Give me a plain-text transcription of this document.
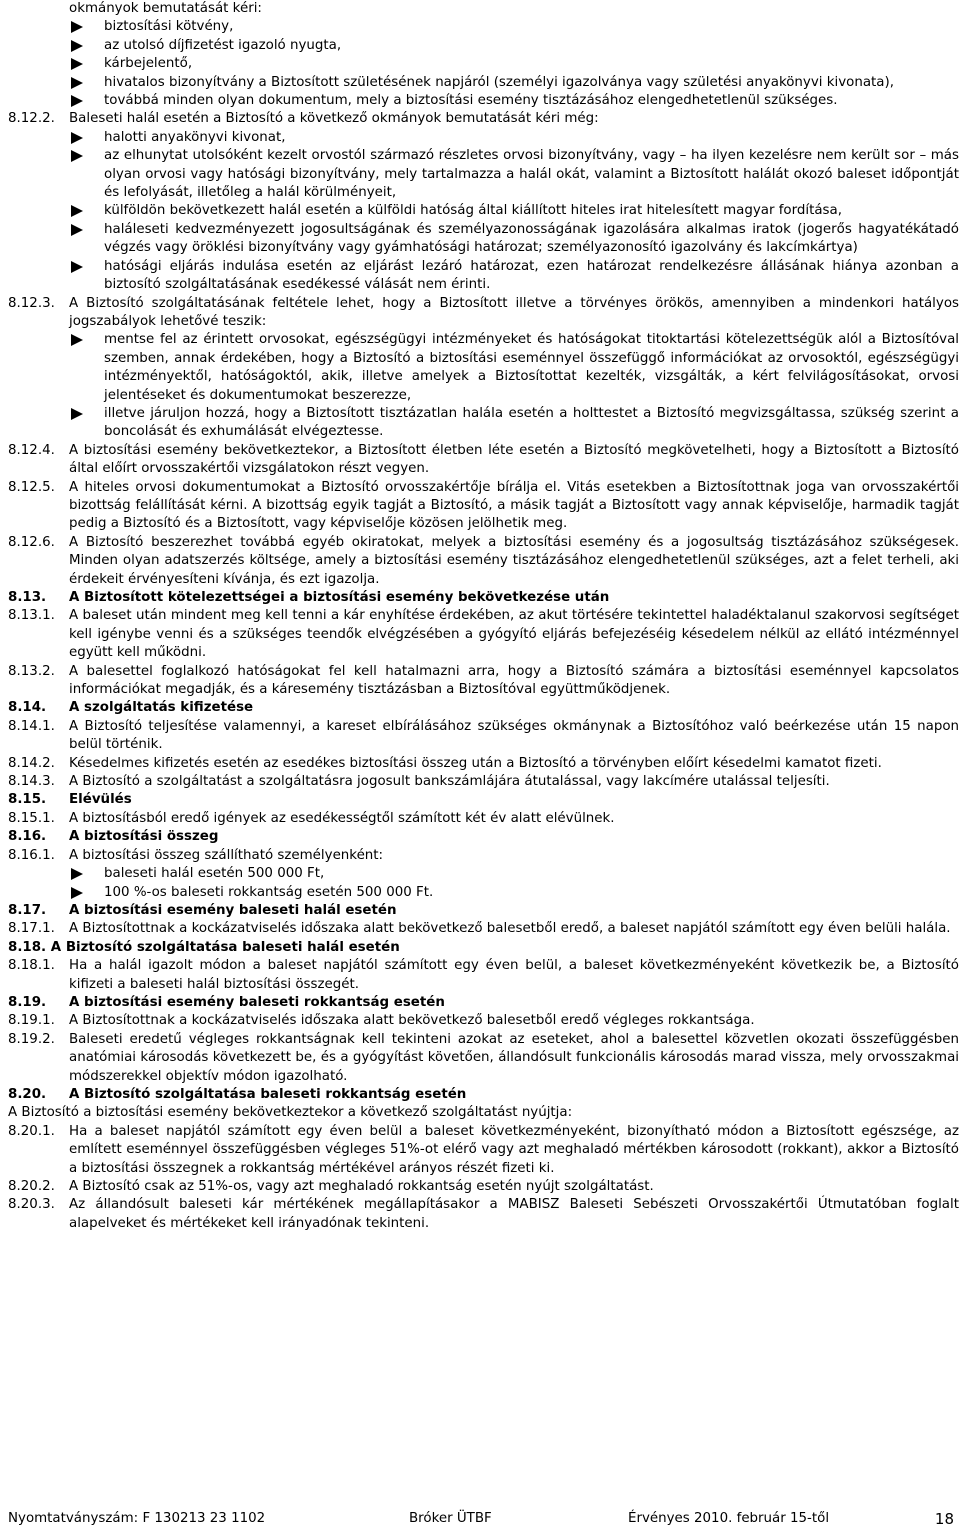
okmányok bemutatását kéri:
biztosítási kötvény,
az utolsó díjfizetést igazoló nyugta,
kárbejelentő,
hivatalos bizonyítvány a Biztosított születésének napjáról (személyi igazolványa vagy születési anyakönyvi kivonata),
továbbá minden olyan dokumentum, mely a biztosítási esemény tisztázásához elengedhetetlenül szükséges.
8.12.2.	Baleseti halál esetén a Biztosító a következő okmányok bemutatását kéri még:
halotti anyakönyvi kivonat,
az elhunytat utolsóként kezelt orvostól származó részletes orvosi bizonyítvány, vagy – ha ilyen kezelésre nem került sor – más olyan orvosi vagy hatósági bizonyítvány, mely tartalmazza a halál okát, valamint a Biztosított halálát okozó baleset időpontját és lefolyását, illetőleg a halál körülményeit,
külföldön bekövetkezett halál esetén a külföldi hatóság által kiállított hiteles irat hitelesített magyar fordítása,
haláleseti kedvezményezett jogosultságának és személyazonosságának igazolására alkalmas iratok (jogerős hagyatékátadó végzés vagy öröklési bizonyítvány vagy gyámhatósági határozat; személyazonosító igazolvány és lakcímkártya)
hatósági eljárás indulása esetén az eljárást lezáró határozat, ezen határozat rendelkezésre állásának hiánya azonban a biztosító szolgáltatásának esedékessé válását nem érinti.
8.12.3.	A Biztosító szolgáltatásának feltétele lehet, hogy a Biztosított illetve a törvényes örökös, amennyiben a mindenkori hatályos jogszabályok lehetővé teszik:
mentse fel az érintett orvosokat, egészségügyi intézményeket és hatóságokat titoktartási kötelezettségük alól a Biztosítóval szemben, annak érdekében, hogy a Biztosító a biztosítási eseménnyel összefüggő információkat az orvosoktól, egészségügyi intézményektől, hatóságoktól, akik, illetve amelyek a Biztosítottat kezelték, vizsgálták, a kért felvilágosításokat, orvosi jelentéseket és dokumentumokat beszerezze,
illetve járuljon hozzá, hogy a Biztosított tisztázatlan halála esetén a holttestet a Biztosító megvizsgáltassa, szükség szerint a boncolását és exhumálását elvégeztesse.
8.12.4.	A biztosítási esemény bekövetkeztekor, a Biztosított életben léte esetén a Biztosító megkövetelheti, hogy a Biztosított a Biztosító által előírt orvosszakértői vizsgálatokon részt vegyen.
8.12.5.	A hiteles orvosi dokumentumokat a Biztosító orvosszakértője bírálja el. Vitás esetekben a Biztosítottnak joga van orvosszakértői bizottság felállítását kérni. A bizottság egyik tagját a Biztosító, a másik tagját a Biztosított vagy annak képviselője, harmadik tagját pedig a Biztosító és a Biztosított, vagy képviselője közösen jelölhetik meg.
8.12.6.	A Biztosító beszerezhet továbbá egyéb okiratokat, melyek a biztosítási esemény és a jogosultság tisztázásához szükségesek. Minden olyan adatszerzés költsége, amely a biztosítási esemény tisztázásához elengedhetetlenül szükséges, azt a felet terheli, aki érdekeit érvényesíteni kívánja, és ezt igazolja.
8.13.	A Biztosított kötelezettségei a biztosítási esemény bekövetkezése után
8.13.1.	A baleset után mindent meg kell tenni a kár enyhítése érdekében, az akut törtésére tekintettel haladéktalanul szakorvosi segítséget kell igénybe venni és a szükséges teendők elvégzésében a gyógyító eljárás befejezéséig késedelem nélkül az ellátó intézménnyel együtt kell működni.
8.13.2.	A balesettel foglalkozó hatóságokat fel kell hatalmazni arra, hogy a Biztosító számára a biztosítási eseménnyel kapcsolatos információkat megadják, és a káresemény tisztázásban a Biztosítóval együttműködjenek.
8.14.	A szolgáltatás kifizetése
8.14.1.	A Biztosító teljesítése valamennyi, a kareset elbírálásához szükséges okmánynak a Biztosítóhoz való beérkezése után 15 napon belül történik.
8.14.2.	Késedelmes kifizetés esetén az esedékes biztosítási összeg után a Biztosító a törvényben előírt késedelmi kamatot fizeti.
8.14.3.	A Biztosító a szolgáltatást a szolgáltatásra jogosult bankszámlájára átutalással, vagy lakcímére utalással teljesíti.
8.15.	Elévülés
8.15.1.	A biztosításból eredő igények az esedékességtől számított két év alatt elévülnek.
8.16.	A biztosítási összeg
8.16.1.	A biztosítási összeg szállítható személyenként:
baleseti halál esetén 500 000 Ft,
100 %-os baleseti rokkantság esetén 500 000 Ft.
8.17.	A biztosítási esemény baleseti halál esetén
8.17.1.	A Biztosítottnak a kockázatviselés időszaka alatt bekövetkező balesetből eredő, a baleset napjától számított egy éven belüli halála.
8.18. A Biztosító szolgáltatása baleseti halál esetén
8.18.1.	Ha a halál igazolt módon a baleset napjától számított egy éven belül, a baleset következményeként következik be, a Biztosító kifizeti a baleseti halál biztosítási összegét.
8.19.	A biztosítási esemény baleseti rokkantság esetén
8.19.1.	A Biztosítottnak a kockázatviselés időszaka alatt bekövetkező balesetből eredő végleges rokkantsága.
8.19.2.	Baleseti eredetű végleges rokkantságnak kell tekinteni azokat az eseteket, ahol a balesettel közvetlen okozati összefüggésben anatómiai károsodás következett be, és a gyógyítást követően, állandósult funkcionális károsodás marad vissza, mely orvosszakmai módszerekkel objektív módon igazolható.
8.20.	A Biztosító szolgáltatása baleseti rokkantság esetén
A Biztosító a biztosítási esemény bekövetkeztekor a következő szolgáltatást nyújtja:
8.20.1.	Ha a baleset napjától számított egy éven belül a baleset következményeként, bizonyítható módon a Biztosított egészsége, az említett eseménnyel összefüggésben végleges 51%-ot elérő vagy azt meghaladó mértékben károsodott (rokkant), akkor a Biztosító a biztosítási összegnek a rokkantság mértékével arányos részét fizeti ki.
8.20.2.	A Biztosító csak az 51%-os, vagy azt meghaladó rokkantság esetén nyújt szolgáltatást.
8.20.3.	Az állandósult baleseti kár mértékének megállapításakor a MABISZ Baleseti Sebészeti Orvosszakértői Útmutatóban foglalt alapelveket és mértékeket kell irányadónak tekinteni.
Nyomtatványszám: F 130213 23 1102	Bróker ÜTBF	Érvényes 2010. február 15-től	18
